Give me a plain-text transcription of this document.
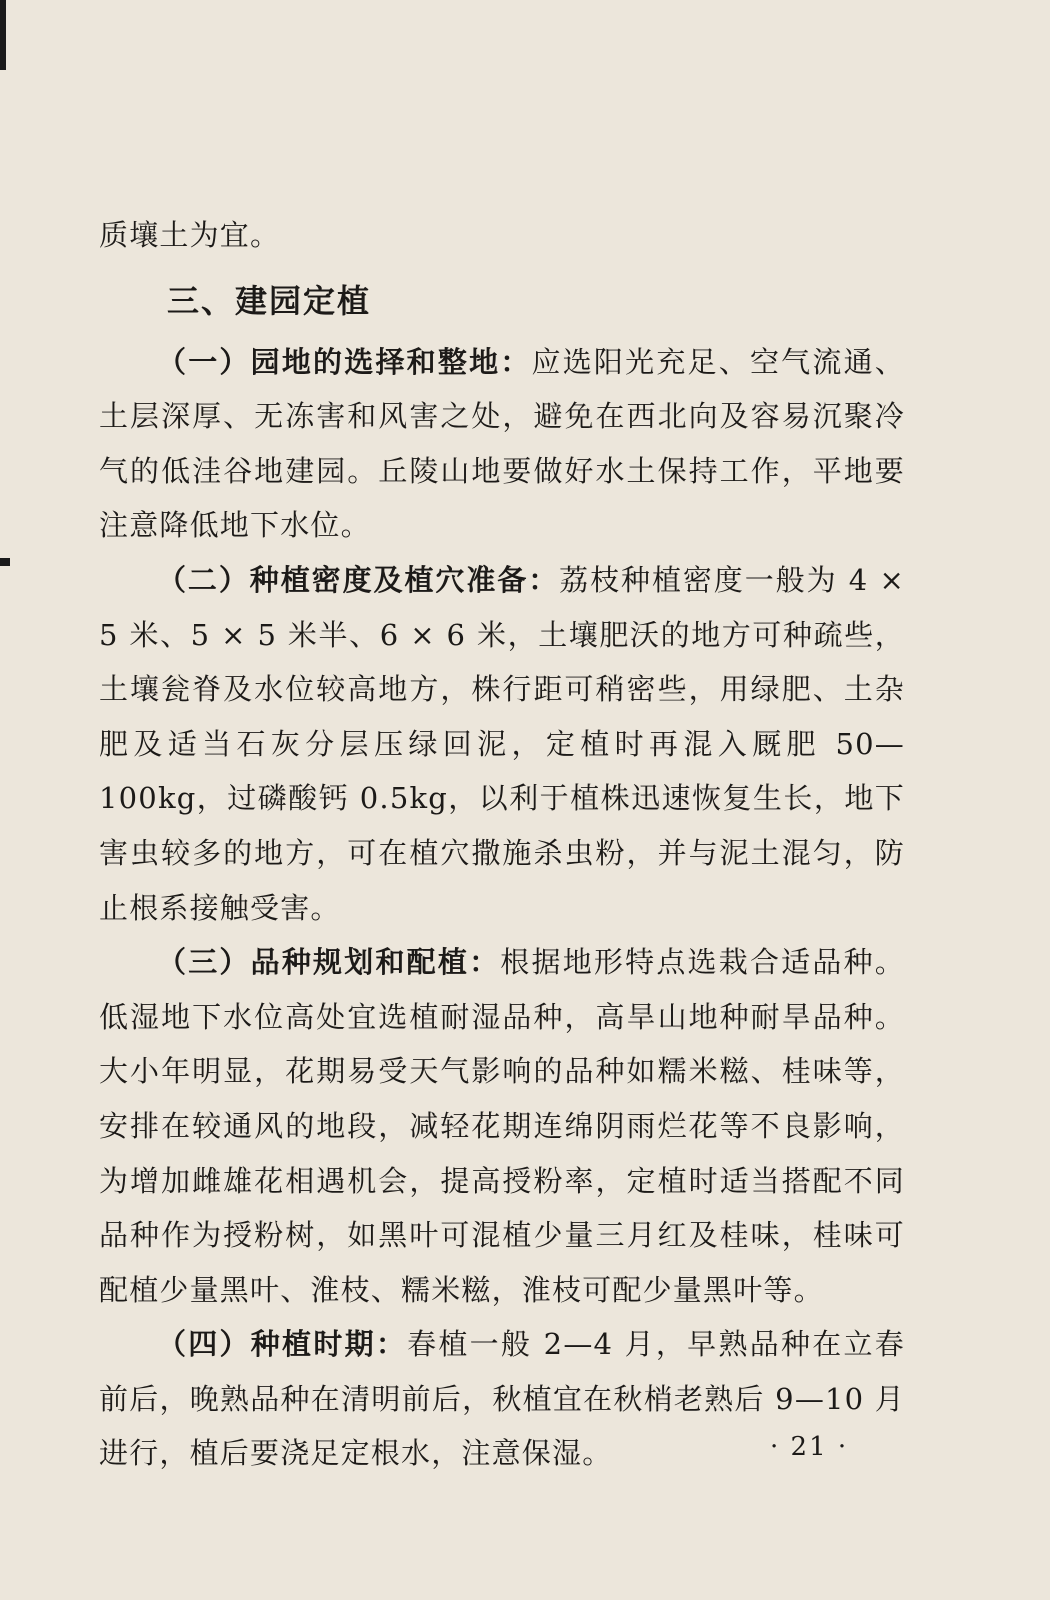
质壤土为宜。

三、建园定植

（一）园地的选择和整地：应选阳光充足、空气流通、土层深厚、无冻害和风害之处，避免在西北向及容易沉聚冷气的低洼谷地建园。丘陵山地要做好水土保持工作，平地要注意降低地下水位。

（二）种植密度及植穴准备：荔枝种植密度一般为 4 × 5 米、5 × 5 米半、6 × 6 米，土壤肥沃的地方可种疏些，土壤瓮脊及水位较高地方，株行距可稍密些，用绿肥、土杂肥及适当石灰分层压绿回泥，定植时再混入厩肥 50—100kg，过磷酸钙 0.5kg，以利于植株迅速恢复生长，地下害虫较多的地方，可在植穴撒施杀虫粉，并与泥土混匀，防止根系接触受害。

（三）品种规划和配植：根据地形特点选栽合适品种。低湿地下水位高处宜选植耐湿品种，高旱山地种耐旱品种。大小年明显，花期易受天气影响的品种如糯米糍、桂味等，安排在较通风的地段，减轻花期连绵阴雨烂花等不良影响，为增加雌雄花相遇机会，提高授粉率，定植时适当搭配不同品种作为授粉树，如黑叶可混植少量三月红及桂味，桂味可配植少量黑叶、淮枝、糯米糍，淮枝可配少量黑叶等。

（四）种植时期：春植一般 2—4 月，早熟品种在立春前后，晚熟品种在清明前后，秋植宜在秋梢老熟后 9—10 月进行，植后要浇足定根水，注意保湿。	· 21 ·
